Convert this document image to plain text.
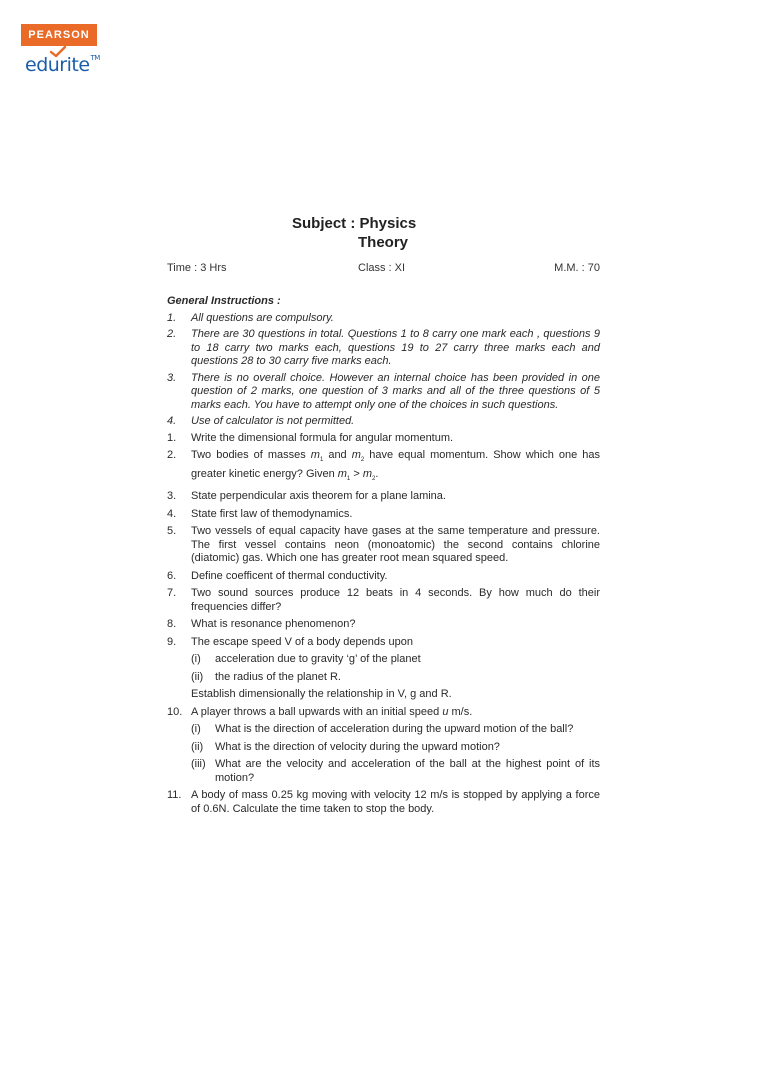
PEARSON
edurite™
Subject : Physics
Theory
Time : 3 Hrs	Class : XI	M.M. : 70
General Instructions :
1. All questions are compulsory.
2. There are 30 questions in total. Questions 1 to 8 carry one mark each , questions 9 to 18 carry two marks each, questions 19 to 27 carry three marks each and questions 28 to 30 carry five marks each.
3. There is no overall choice. However an internal choice has been provided in one question of 2 marks, one question of 3 marks and all of the three questions of 5 marks each. You have to attempt only one of the choices in such questions.
4. Use of calculator is not permitted.
1. Write the dimensional formula for angular momentum.
2. Two bodies of masses $m_1$ and $m_2$ have equal momentum. Show which one has greater kinetic energy? Given $m_1 > m_2$.
3. State perpendicular axis theorem for a plane lamina.
4. State first law of themodynamics.
5. Two vessels of equal capacity have gases at the same temperature and pressure. The first vessel contains neon (monoatomic) the second contains chlorine (diatomic) gas. Which one has greater root mean squared speed.
6. Define coefficent of thermal conductivity.
7. Two sound sources produce 12 beats in 4 seconds. By how much do their frequencies differ?
8. What is resonance phenomenon?
9. The escape speed V of a body depends upon
(i) acceleration due to gravity ‘g’ of the planet
(ii) the radius of the planet R.
Establish dimensionally the relationship in V, g and R.
10. A player throws a ball upwards with an initial speed u m/s.
(i) What is the direction of acceleration during the upward motion of the ball?
(ii) What is the direction of velocity during the upward motion?
(iii) What are the velocity and acceleration of the ball at the highest point of its motion?
11. A body of mass 0.25 kg moving with velocity 12 m/s is stopped by applying a force of 0.6N. Calculate the time taken to stop the body.
